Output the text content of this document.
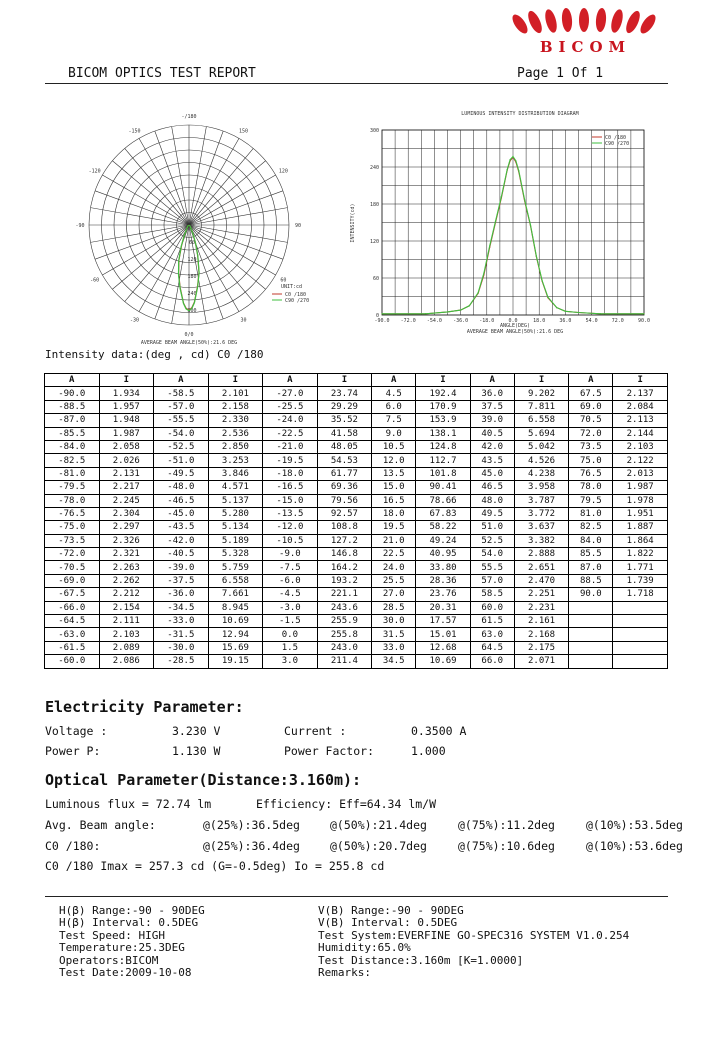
BICOM
BICOM OPTICS TEST REPORT	Page 1 Of 1
-/180
150
120
-90
-60
-30
0/0
30
60
90
-120
-150
60
120
180
240
300
UNIT:cd
C0 /180
C90 /270
AVERAGE BEAM ANGLE(50%):21.6 DEG
LUMINOUS INTENSITY DISTRIBUTION DIAGRAM
-90.0 -72.0 -54.0 -36.0 -18.0	0.0	18.0	36.0	54.0	72.0	90.0
0
60
120
180
240
300
C0 /180
C90 /270
ANGLE(DEG)
AVERAGE BEAM ANGLE(50%):21.6 DEG
INTENSITY(cd)
Intensity data:(deg , cd) C0 /180
A	I	A	I	A	I	A	I	A	I	A	I
-90.0	1.934	-58.5	2.101	-27.0	23.74	4.5	192.4	36.0	9.202	67.5	2.137
-88.5	1.957	-57.0	2.158	-25.5	29.29	6.0	170.9	37.5	7.811	69.0	2.084
-87.0	1.948	-55.5	2.330	-24.0	35.52	7.5	153.9	39.0	6.558	70.5	2.113
-85.5	1.987	-54.0	2.536	-22.5	41.58	9.0	138.1	40.5	5.694	72.0	2.144
-84.0	2.058	-52.5	2.850	-21.0	48.05	10.5	124.8	42.0	5.042	73.5	2.103
-82.5	2.026	-51.0	3.253	-19.5	54.53	12.0	112.7	43.5	4.526	75.0	2.122
-81.0	2.131	-49.5	3.846	-18.0	61.77	13.5	101.8	45.0	4.238	76.5	2.013
-79.5	2.217	-48.0	4.571	-16.5	69.36	15.0	90.41	46.5	3.958	78.0	1.987
-78.0	2.245	-46.5	5.137	-15.0	79.56	16.5	78.66	48.0	3.787	79.5	1.978
-76.5	2.304	-45.0	5.280	-13.5	92.57	18.0	67.83	49.5	3.772	81.0	1.951
-75.0	2.297	-43.5	5.134	-12.0	108.8	19.5	58.22	51.0	3.637	82.5	1.887
-73.5	2.326	-42.0	5.189	-10.5	127.2	21.0	49.24	52.5	3.382	84.0	1.864
-72.0	2.321	-40.5	5.328	-9.0	146.8	22.5	40.95	54.0	2.888	85.5	1.822
-70.5	2.263	-39.0	5.759	-7.5	164.2	24.0	33.80	55.5	2.651	87.0	1.771
-69.0	2.262	-37.5	6.558	-6.0	193.2	25.5	28.36	57.0	2.470	88.5	1.739
-67.5	2.212	-36.0	7.661	-4.5	221.1	27.0	23.76	58.5	2.251	90.0	1.718
-66.0	2.154	-34.5	8.945	-3.0	243.6	28.5	20.31	60.0	2.231		
-64.5	2.111	-33.0	10.69	-1.5	255.9	30.0	17.57	61.5	2.161		
-63.0	2.103	-31.5	12.94	0.0	255.8	31.5	15.01	63.0	2.168		
-61.5	2.089	-30.0	15.69	1.5	243.0	33.0	12.68	64.5	2.175		
-60.0	2.086	-28.5	19.15	3.0	211.4	34.5	10.69	66.0	2.071		
Electricity Parameter:
Voltage :	3.230 V	Current :	0.3500 A
Power P:	1.130 W	Power Factor:	1.000
Optical Parameter(Distance:3.160m):
Luminous flux = 72.74 lm	Efficiency: Eff=64.34 lm/W
Avg. Beam angle:	@(25%):36.5deg	@(50%):21.4deg	@(75%):11.2deg	@(10%):53.5deg
C0 /180:	@(25%):36.4deg	@(50%):20.7deg	@(75%):10.6deg	@(10%):53.6deg
C0 /180 Imax = 257.3 cd (G=-0.5deg) Io = 255.8 cd
H(β) Range:-90 - 90DEG
H(β) Interval: 0.5DEG
Test Speed: HIGH
Temperature:25.3DEG
Operators:BICOM
Test Date:2009-10-08
V(B) Range:-90 - 90DEG
V(B) Interval: 0.5DEG
Test System:EVERFINE GO-SPEC316 SYSTEM V1.0.254
Humidity:65.0%
Test Distance:3.160m [K=1.0000]
Remarks:
